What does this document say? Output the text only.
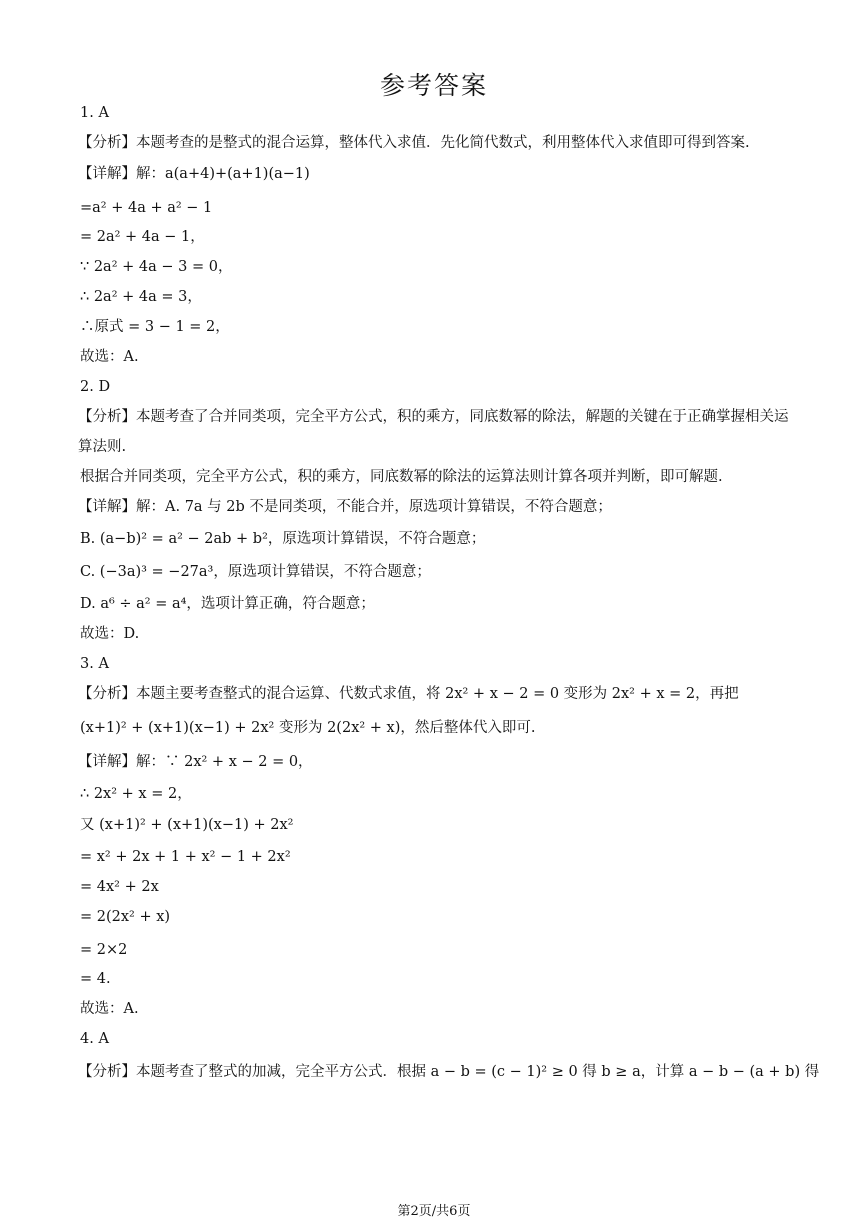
参考答案
1. A
【分析】本题考查的是整式的混合运算，整体代入求值．先化简代数式，利用整体代入求值即可得到答案.
【详解】解：a(a+4)+(a+1)(a−1)
=a² + 4a + a² − 1
= 2a² + 4a − 1，
∵ 2a² + 4a − 3 = 0，
∴ 2a² + 4a = 3，
∴原式 = 3 − 1 = 2，
故选：A.
2. D
【分析】本题考查了合并同类项，完全平方公式，积的乘方，同底数幂的除法，解题的关键在于正确掌握相关运算法则.
根据合并同类项，完全平方公式，积的乘方，同底数幂的除法的运算法则计算各项并判断，即可解题.
【详解】解：A. 7a 与 2b 不是同类项，不能合并，原选项计算错误，不符合题意；
B. (a−b)² = a² − 2ab + b²，原选项计算错误，不符合题意；
C. (−3a)³ = −27a³，原选项计算错误，不符合题意；
D. a⁶ ÷ a² = a⁴，选项计算正确，符合题意；
故选：D.
3. A
【分析】本题主要考查整式的混合运算、代数式求值，将 2x² + x − 2 = 0 变形为 2x² + x = 2，再把
(x+1)² + (x+1)(x−1) + 2x² 变形为 2(2x² + x)，然后整体代入即可.
【详解】解：∵ 2x² + x − 2 = 0，
∴ 2x² + x = 2，
又 (x+1)² + (x+1)(x−1) + 2x²
= x² + 2x + 1 + x² − 1 + 2x²
= 4x² + 2x
= 2(2x² + x)
= 2×2
= 4.
故选：A.
4. A
【分析】本题考查了整式的加减，完全平方公式．根据 a − b = (c − 1)² ≥ 0 得 b ≥ a，计算 a − b − (a + b) 得
第2页/共6页
